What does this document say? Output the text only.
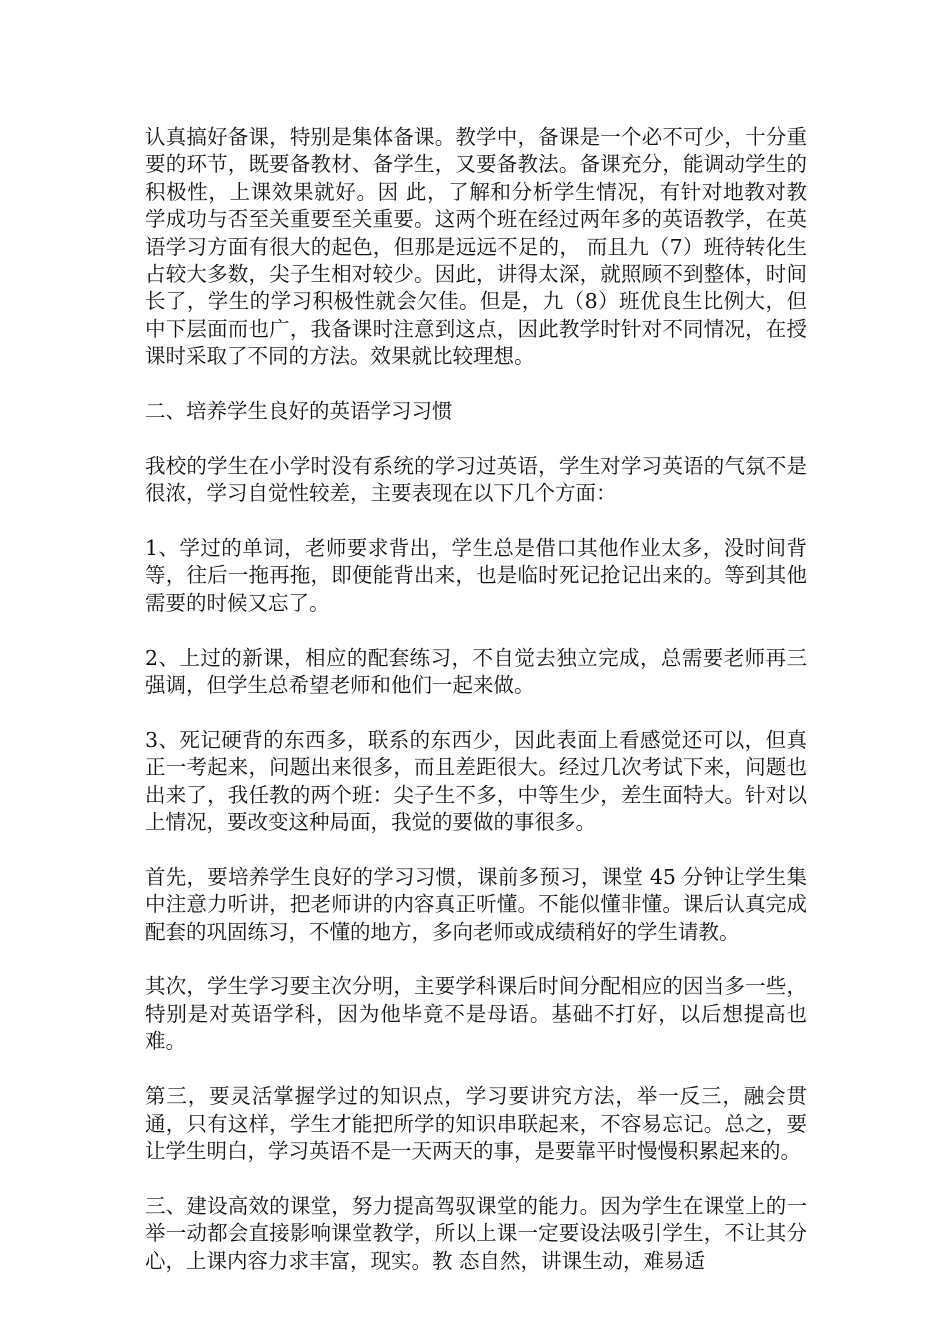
认真搞好备课，特别是集体备课。教学中，备课是一个必不可少，十分重要的环节，既要备教材、备学生，又要备教法。备课充分，能调动学生的积极性，上课效果就好。因 此，了解和分析学生情况，有针对地教对教学成功与否至关重要至关重要。这两个班在经过两年多的英语教学，在英语学习方面有很大的起色，但那是远远不足的， 而且九（7）班待转化生占较大多数，尖子生相对较少。因此，讲得太深，就照顾不到整体，时间长了，学生的学习积极性就会欠佳。但是，九（8）班优良生比例大，但中下层面而也广，我备课时注意到这点，因此教学时针对不同情况，在授课时采取了不同的方法。效果就比较理想。

二、培养学生良好的英语学习习惯

我校的学生在小学时没有系统的学习过英语，学生对学习英语的气氛不是很浓，学习自觉性较差，主要表现在以下几个方面：

1、学过的单词，老师要求背出，学生总是借口其他作业太多，没时间背等，往后一拖再拖，即便能背出来，也是临时死记抢记出来的。等到其他需要的时候又忘了。

2、上过的新课，相应的配套练习，不自觉去独立完成，总需要老师再三强调，但学生总希望老师和他们一起来做。

3、死记硬背的东西多，联系的东西少，因此表面上看感觉还可以，但真正一考起来，问题出来很多，而且差距很大。经过几次考试下来，问题也出来了，我任教的两个班：尖子生不多，中等生少，差生面特大。针对以上情况，要改变这种局面，我觉的要做的事很多。

首先，要培养学生良好的学习习惯，课前多预习，课堂 45 分钟让学生集中注意力听讲，把老师讲的内容真正听懂。不能似懂非懂。课后认真完成配套的巩固练习，不懂的地方，多向老师或成绩稍好的学生请教。

其次，学生学习要主次分明，主要学科课后时间分配相应的因当多一些，特别是对英语学科，因为他毕竟不是母语。基础不打好，以后想提高也难。

第三，要灵活掌握学过的知识点，学习要讲究方法，举一反三，融会贯通，只有这样，学生才能把所学的知识串联起来，不容易忘记。总之，要让学生明白，学习英语不是一天两天的事，是要靠平时慢慢积累起来的。

三、建设高效的课堂，努力提高驾驭课堂的能力。因为学生在课堂上的一举一动都会直接影响课堂教学，所以上课一定要设法吸引学生，不让其分心，上课内容力求丰富，现实。教 态自然，讲课生动，难易适
